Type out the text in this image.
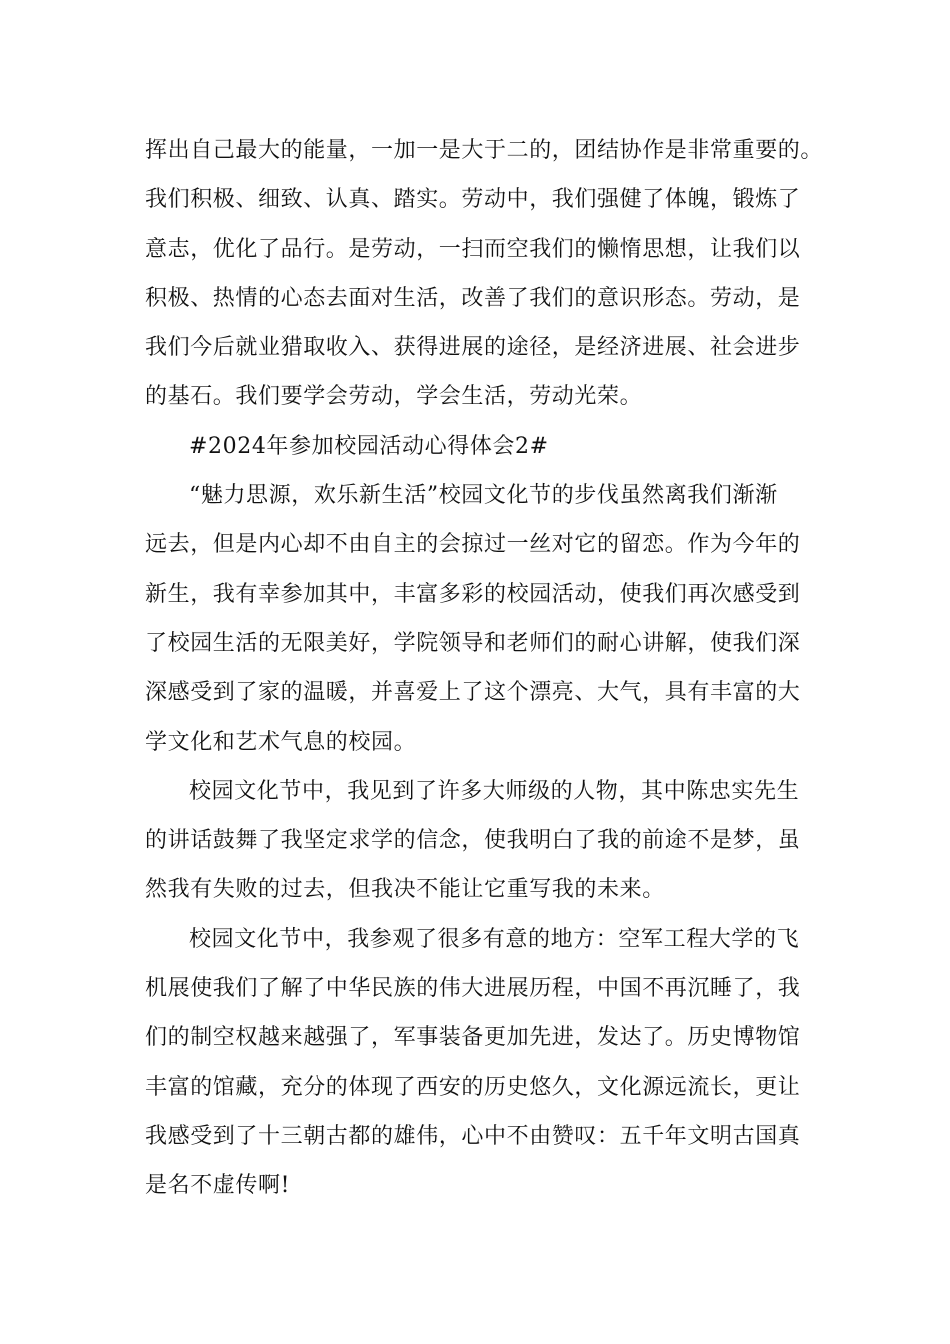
挥出自己最大的能量，一加一是大于二的，团结协作是非常重要的。
我们积极、细致、认真、踏实。劳动中，我们强健了体魄，锻炼了
意志，优化了品行。是劳动，一扫而空我们的懒惰思想，让我们以
积极、热情的心态去面对生活，改善了我们的意识形态。劳动，是
我们今后就业猎取收入、获得进展的途径，是经济进展、社会进步
的基石。我们要学会劳动，学会生活，劳动光荣。
#2024年参加校园活动心得体会2#
“魅力思源，欢乐新生活”校园文化节的步伐虽然离我们渐渐
远去，但是内心却不由自主的会掠过一丝对它的留恋。作为今年的
新生，我有幸参加其中，丰富多彩的校园活动，使我们再次感受到
了校园生活的无限美好，学院领导和老师们的耐心讲解，使我们深
深感受到了家的温暖，并喜爱上了这个漂亮、大气，具有丰富的大
学文化和艺术气息的校园。
校园文化节中，我见到了许多大师级的人物，其中陈忠实先生
的讲话鼓舞了我坚定求学的信念，使我明白了我的前途不是梦，虽
然我有失败的过去，但我决不能让它重写我的未来。
校园文化节中，我参观了很多有意的地方：空军工程大学的飞
机展使我们了解了中华民族的伟大进展历程，中国不再沉睡了，我
们的制空权越来越强了，军事装备更加先进，发达了。历史博物馆
丰富的馆藏，充分的体现了西安的历史悠久，文化源远流长，更让
我感受到了十三朝古都的雄伟，心中不由赞叹：五千年文明古国真
是名不虚传啊!
